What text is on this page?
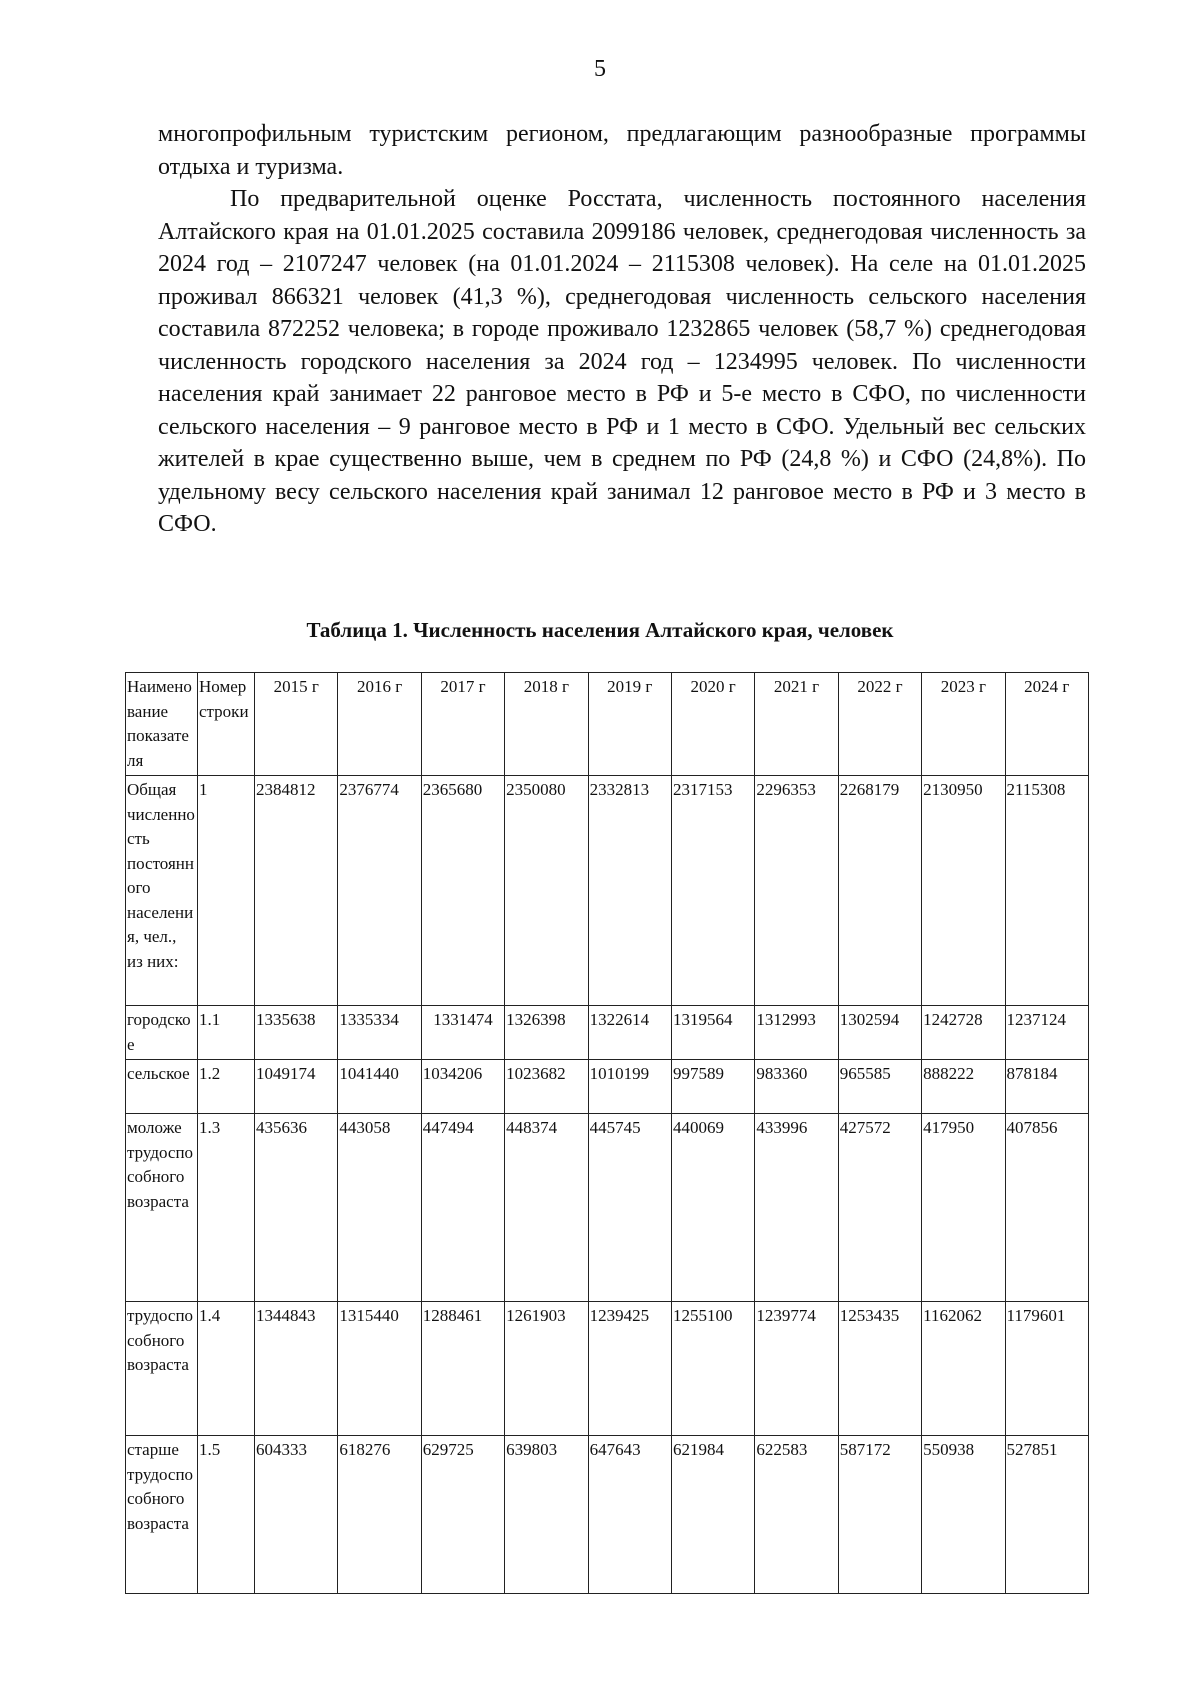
5

многопрофильным туристским регионом, предлагающим разнообразные программы отдыха и туризма.

По предварительной оценке Росстата, численность постоянного населения Алтайского края на 01.01.2025 составила 2099186 человек, среднегодовая численность за 2024 год – 2107247 человек (на 01.01.2024 – 2115308 человек). На селе на 01.01.2025 проживал 866321 человек (41,3 %), среднегодовая численность сельского населения составила 872252 человека; в городе проживало 1232865 человек (58,7 %) среднегодовая численность городского населения за 2024 год – 1234995 человек. По численности населения край занимает 22 ранговое место в РФ и 5-е место в СФО, по численности сельского населения – 9 ранговое место в РФ и 1 место в СФО. Удельный вес сельских жителей в крае существенно выше, чем в среднем по РФ (24,8 %) и СФО (24,8%). По удельному весу сельского населения край занимал 12 ранговое место в РФ и 3 место в СФО.

Таблица 1. Численность населения Алтайского края, человек
Наименование показателя	Номер строки	2015 г	2016 г	2017 г	2018 г	2019 г	2020 г	2021 г	2022 г	2023 г	2024 г
Общая численность постоянного населения, чел., из них:	1	2384812	2376774	2365680	2350080	2332813	2317153	2296353	2268179	2130950	2115308
городское	1.1	1335638	1335334	1331474	1326398	1322614	1319564	1312993	1302594	1242728	1237124
сельское	1.2	1049174	1041440	1034206	1023682	1010199	997589	983360	965585	888222	878184
моложе трудоспособного возраста	1.3	435636	443058	447494	448374	445745	440069	433996	427572	417950	407856
трудоспособного возраста	1.4	1344843	1315440	1288461	1261903	1239425	1255100	1239774	1253435	1162062	1179601
старше трудоспособного возраста	1.5	604333	618276	629725	639803	647643	621984	622583	587172	550938	527851
